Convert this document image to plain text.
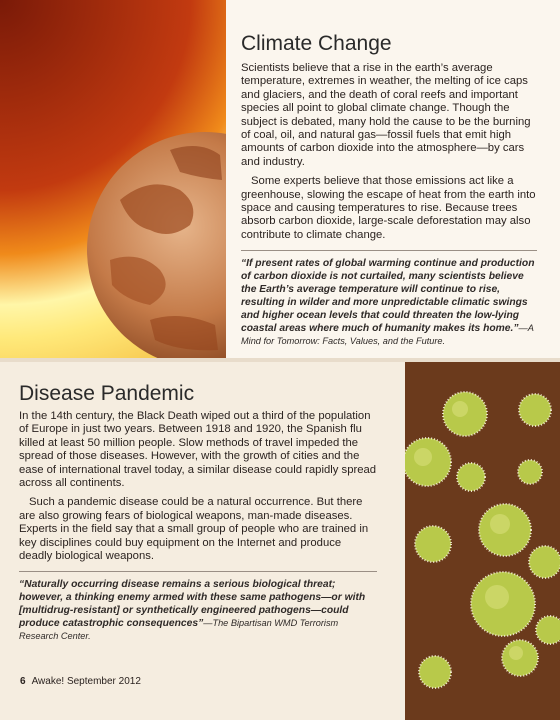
Climate Change

Scientists believe that a rise in the earth’s average temperature, extremes in weather, the melting of ice caps and glaciers, and the death of coral reefs and important species all point to global climate change. Though the subject is debated, many hold the cause to be the burning of coal, oil, and natural gas—fossil fuels that emit high amounts of carbon dioxide into the atmosphere—by cars and industry.

Some experts believe that those emissions act like a greenhouse, slowing the escape of heat from the earth into space and causing temperatures to rise. Because trees absorb carbon dioxide, large-scale deforestation may also contribute to climate change.

“If present rates of global warming continue and production of carbon dioxide is not curtailed, many scientists believe the Earth’s average temperature will continue to rise, resulting in wilder and more unpredictable climatic swings and higher ocean levels that could threaten the low-lying coastal areas where much of humanity makes its home.”—A Mind for Tomorrow: Facts, Values, and the Future.
Disease Pandemic

In the 14th century, the Black Death wiped out a third of the population of Europe in just two years. Between 1918 and 1920, the Spanish flu killed at least 50 million people. Slow methods of travel impeded the spread of those diseases. However, with the growth of cities and the ease of international travel today, a similar disease could rapidly spread across all continents.

Such a pandemic disease could be a natural occurrence. But there are also growing fears of biological weapons, man-made diseases. Experts in the field say that a small group of people who are trained in key disciplines could buy equipment on the Internet and produce deadly biological weapons.

“Naturally occurring disease remains a serious biological threat; however, a thinking enemy armed with these same pathogens—or with [multidrug-resistant] or synthetically engineered pathogens—could produce catastrophic consequences”—The Bipartisan WMD Terrorism Research Center.
6 Awake! September 2012
